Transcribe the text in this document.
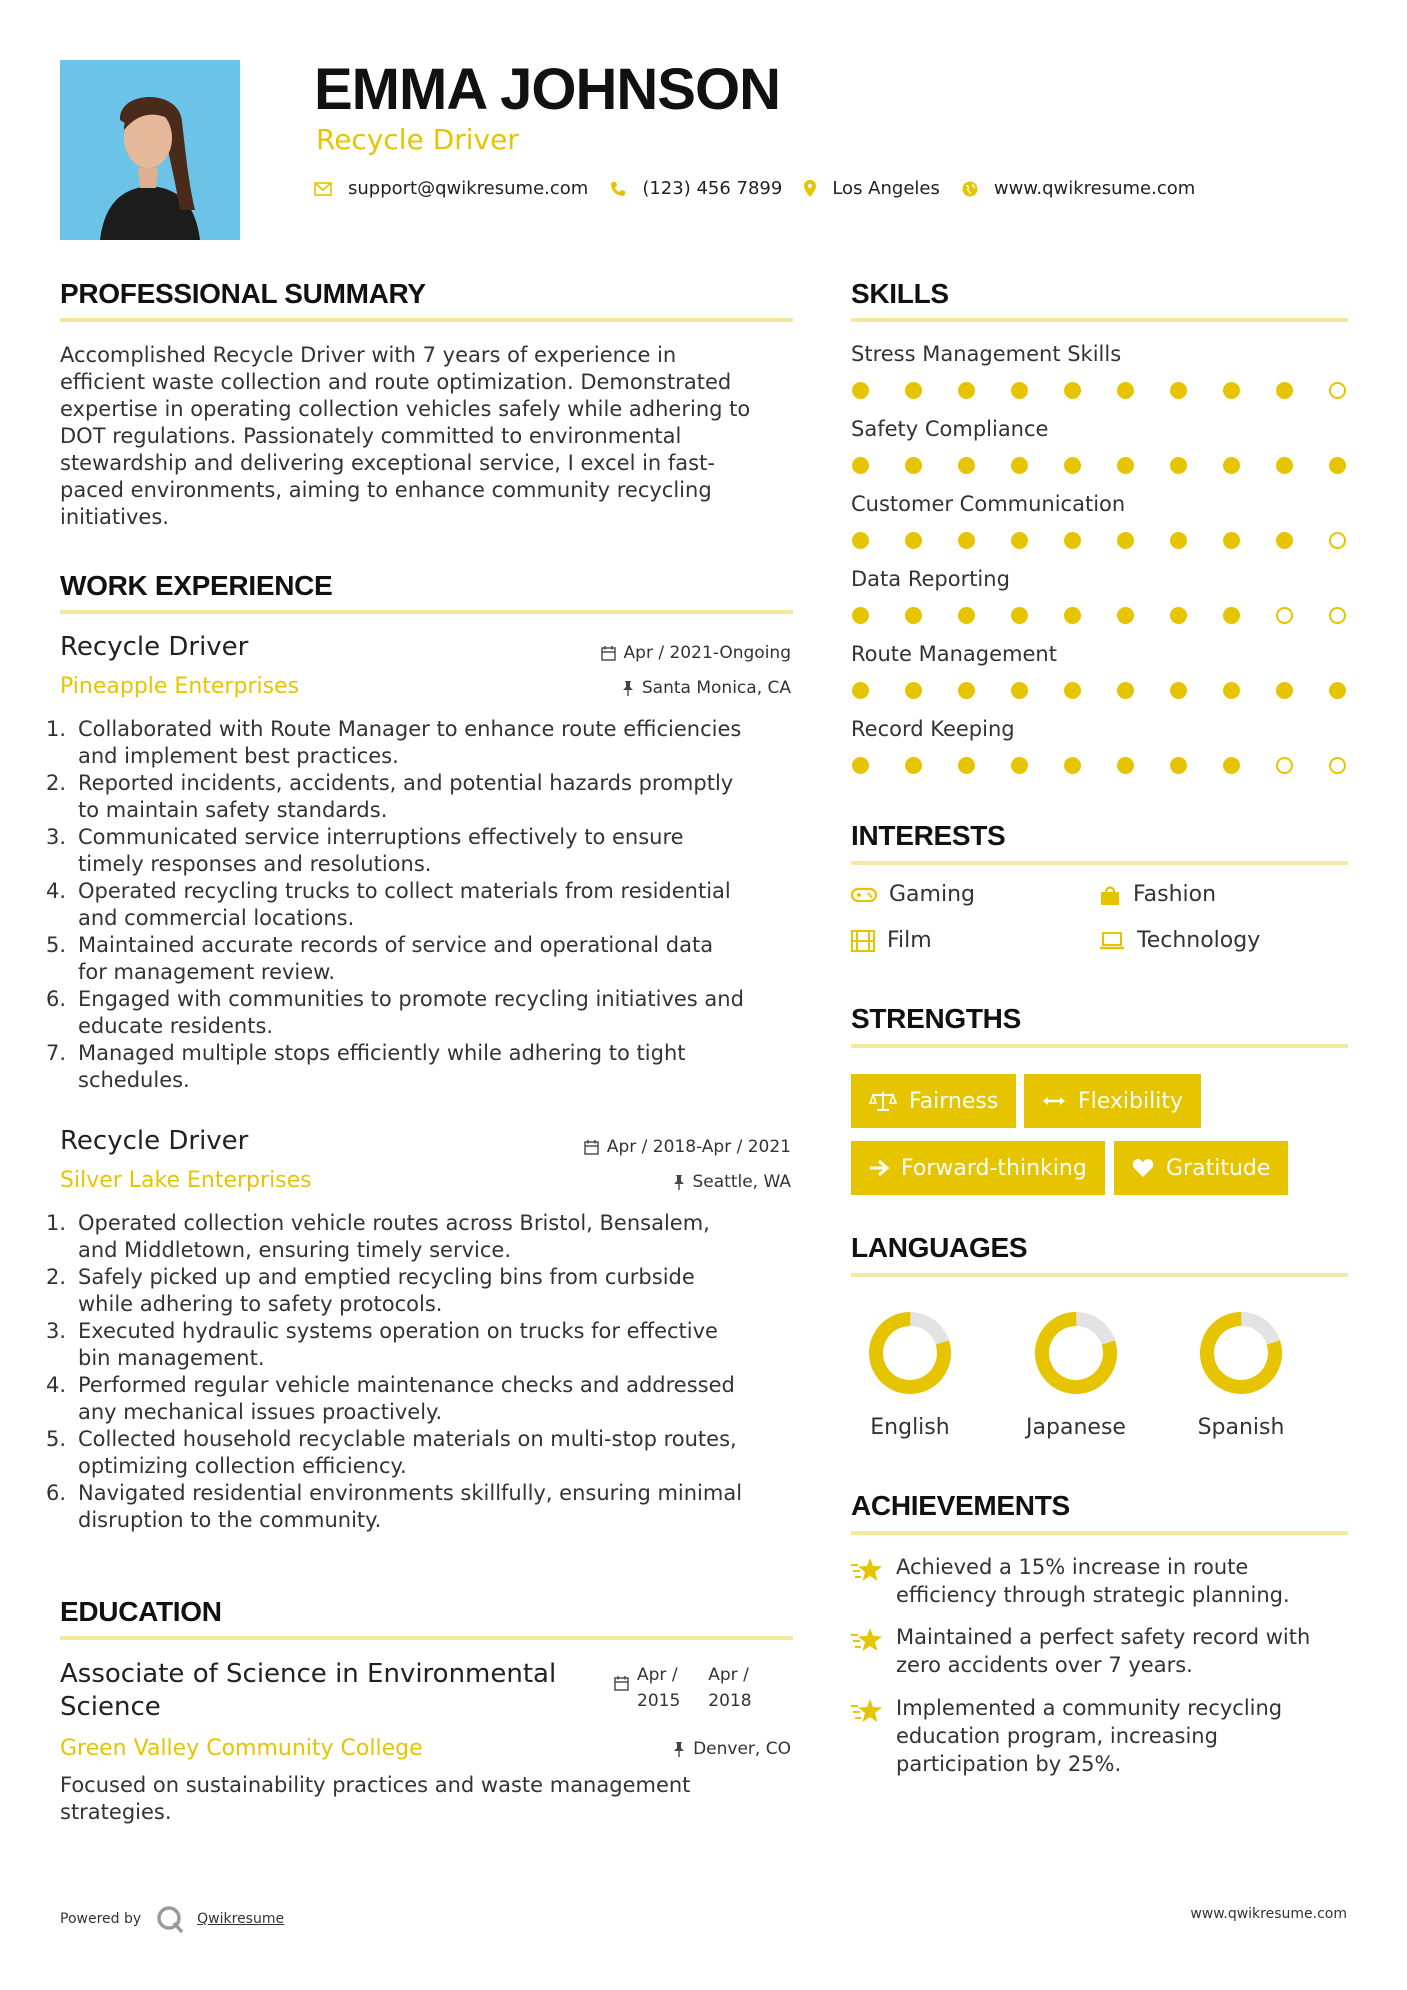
EMMA JOHNSON
Recycle Driver
support@qwikresume.com	(123) 456 7899	Los Angeles	www.qwikresume.com
PROFESSIONAL SUMMARY
Accomplished Recycle Driver with 7 years of experience in
efficient waste collection and route optimization. Demonstrated
expertise in operating collection vehicles safely while adhering to
DOT regulations. Passionately committed to environmental
stewardship and delivering exceptional service, I excel in fast-
paced environments, aiming to enhance community recycling
initiatives.
WORK EXPERIENCE
Recycle Driver
Pineapple Enterprises
Apr / 2021-Ongoing
Santa Monica, CA
1. Collaborated with Route Manager to enhance route efficiencies
and implement best practices.
2. Reported incidents, accidents, and potential hazards promptly
to maintain safety standards.
3. Communicated service interruptions effectively to ensure
timely responses and resolutions.
4. Operated recycling trucks to collect materials from residential
and commercial locations.
5. Maintained accurate records of service and operational data
for management review.
6. Engaged with communities to promote recycling initiatives and
educate residents.
7. Managed multiple stops efficiently while adhering to tight
schedules.
Recycle Driver
Silver Lake Enterprises
Apr / 2018-Apr / 2021
Seattle, WA
1. Operated collection vehicle routes across Bristol, Bensalem,
and Middletown, ensuring timely service.
2. Safely picked up and emptied recycling bins from curbside
while adhering to safety protocols.
3. Executed hydraulic systems operation on trucks for effective
bin management.
4. Performed regular vehicle maintenance checks and addressed
any mechanical issues proactively.
5. Collected household recyclable materials on multi-stop routes,
optimizing collection efficiency.
6. Navigated residential environments skillfully, ensuring minimal
disruption to the community.
EDUCATION
Associate of Science in Environmental
Science
Apr /
2015
Apr /
2018
Green Valley Community College	Denver, CO
Focused on sustainability practices and waste management
strategies.
SKILLS
Stress Management Skills
Safety Compliance
Customer Communication
Data Reporting
Route Management
Record Keeping
INTERESTS
Gaming	Fashion
Film	Technology
STRENGTHS
Fairness	Flexibility
Forward-thinking	Gratitude
LANGUAGES
English	Japanese	Spanish
ACHIEVEMENTS
Achieved a 15% increase in route
efficiency through strategic planning.
Maintained a perfect safety record with
zero accidents over 7 years.
Implemented a community recycling
education program, increasing
participation by 25%.
Powered by	Qwikresume	www.qwikresume.com
